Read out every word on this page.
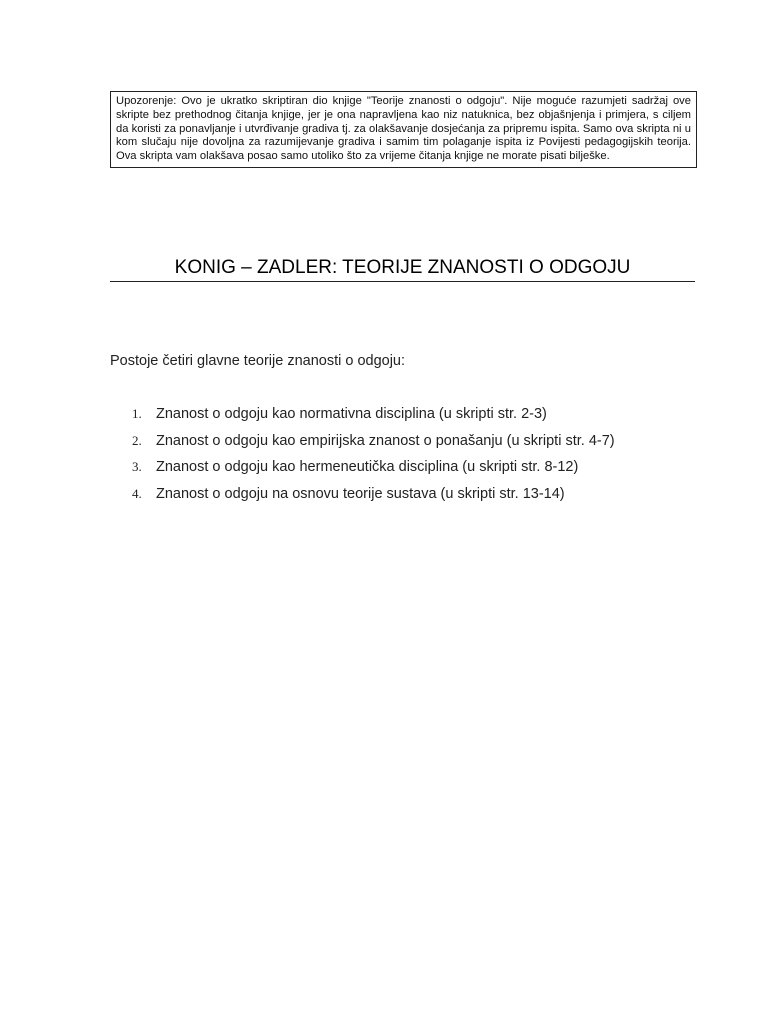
Upozorenje: Ovo je ukratko skriptiran dio knjige "Teorije znanosti o odgoju". Nije moguće razumjeti sadržaj ove skripte bez prethodnog čitanja knjige, jer je ona napravljena kao niz natuknica, bez objašnjenja i primjera, s ciljem da koristi za ponavljanje i utvrđivanje gradiva tj. za olakšavanje dosjećanja za pripremu ispita. Samo ova skripta ni u kom slučaju nije dovoljna za razumijevanje gradiva i samim tim polaganje ispita iz Povijesti pedagogijskih teorija. Ova skripta vam olakšava posao samo utoliko što za vrijeme čitanja knjige ne morate pisati bilješke.
KONIG – ZADLER: TEORIJE ZNANOSTI O ODGOJU
Postoje četiri glavne teorije znanosti o odgoju:
1. Znanost o odgoju kao normativna disciplina (u skripti str. 2-3)
2. Znanost o odgoju kao empirijska znanost o ponašanju (u skripti str. 4-7)
3. Znanost o odgoju kao hermeneutička disciplina (u skripti str. 8-12)
4. Znanost o odgoju na osnovu teorije sustava (u skripti str. 13-14)
